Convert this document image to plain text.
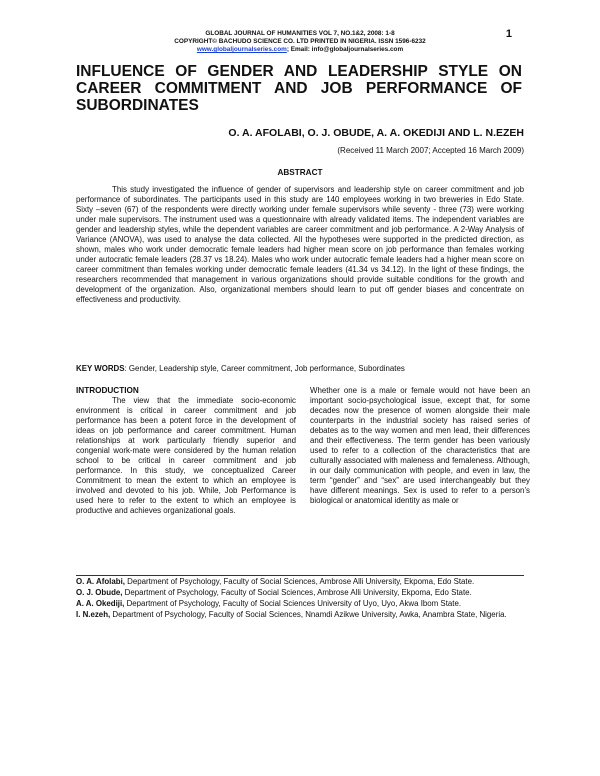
1
GLOBAL JOURNAL OF HUMANITIES VOL 7, NO.1&2, 2008: 1-8
COPYRIGHT© BACHUDO SCIENCE CO. LTD PRINTED IN NIGERIA. ISSN 1596-6232
www.globaljournalseries.com; Email: info@globaljournalseries.com
INFLUENCE OF GENDER AND LEADERSHIP STYLE ON CAREER COMMITMENT AND JOB PERFORMANCE OF SUBORDINATES
O. A. AFOLABI, O. J. OBUDE, A. A. OKEDIJI AND L. N.EZEH
(Received 11 March 2007; Accepted 16 March 2009)
ABSTRACT
This study investigated the influence of gender of supervisors and leadership style on career commitment and job performance of subordinates. The participants used in this study are 140 employees working in two breweries in Edo State. Sixty –seven (67) of the respondents were directly working under female supervisors while seventy - three (73) were working under male supervisors. The instrument used was a questionnaire with already validated items. The independent variables are gender and leadership styles, while the dependent variables are career commitment and job performance. A 2-Way Analysis of Variance (ANOVA), was used to analyse the data collected. All the hypotheses were supported in the predicted direction, as shown, males who work under democratic female leaders had higher mean score on job performance than females working under autocratic female leaders (28.37 vs 18.24). Males who work under autocratic female leaders had a higher mean score on career commitment than females working under democratic female leaders (41.34 vs 34.12). In the light of these findings, the researchers recommended that management in various organizations should provide suitable conditions for the growth and development of the organization. Also, organizational members should learn to put off gender biases and concentrate on effectiveness and productivity.
KEY WORDS: Gender, Leadership style, Career commitment, Job performance, Subordinates
INTRODUCTION

The view that the immediate socio-economic environment is critical in career commitment and job performance has been a potent force in the development of ideas on job performance and career commitment. Human relationships at work particularly friendly superior and congenial work-mate were considered by the human relation school to be critical in career commitment and job performance. In this study, we conceptualized Career Commitment to mean the extent to which an employee is involved and devoted to his job. While, Job Performance is used here to refer to the extent to which an employee is productive and achieves organizational goals.

Whether one is a male or female would not have been an important socio-psychological issue, except that, for some decades now the presence of women alongside their male counterparts in the industrial society has raised series of debates as to the way women and men lead, their differences and their effectiveness. The term gender has been variously used to refer to a collection of the characteristics that are culturally associated with maleness and femaleness. Although, in our daily communication with people, and even in law, the term “gender” and “sex” are used interchangeably but they have different meanings. Sex is used to refer to a person’s biological or anatomical identity as male or

O. A. Afolabi, Department of Psychology, Faculty of Social Sciences, Ambrose Alli University, Ekpoma, Edo State.
O. J. Obude, Department of Psychology, Faculty of Social Sciences, Ambrose Alli University, Ekpoma, Edo State.
A. A. Okediji, Department of Psychology, Faculty of Social Sciences University of Uyo, Uyo, Akwa Ibom State.
I. N.ezeh, Department of Psychology, Faculty of Social Sciences, Nnamdi Azikwe University, Awka, Anambra State, Nigeria.
